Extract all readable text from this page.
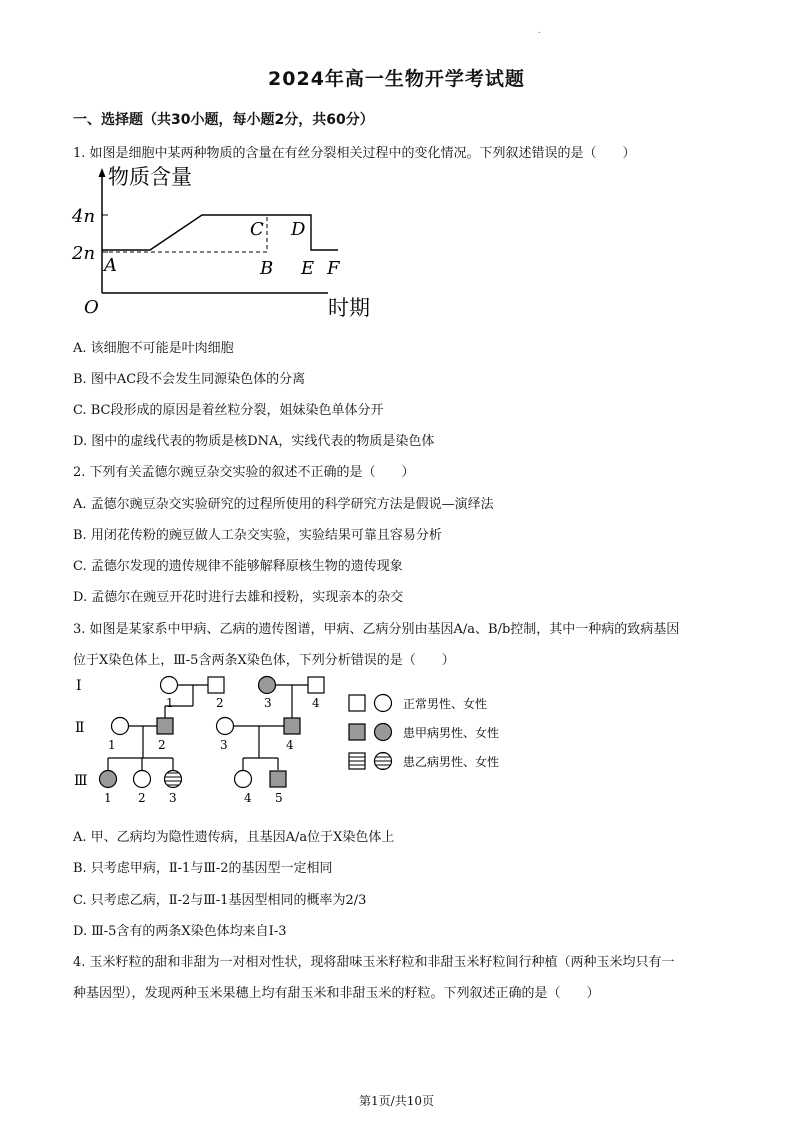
.
2024年高一生物开学考试题
一、选择题（共30小题，每小题2分，共60分）
1. 如图是细胞中某两种物质的含量在有丝分裂相关过程中的变化情况。下列叙述错误的是（　　）
物质含量
时期
O
4n
2n
A	B
C D
E F
A. 该细胞不可能是叶肉细胞
B. 图中AC段不会发生同源染色体的分离
C. BC段形成的原因是着丝粒分裂，姐妹染色单体分开
D. 图中的虚线代表的物质是核DNA，实线代表的物质是染色体
2. 下列有关孟德尔豌豆杂交实验的叙述不正确的是（　　）
A. 孟德尔豌豆杂交实验研究的过程所使用的科学研究方法是假说—演绎法
B. 用闭花传粉的豌豆做人工杂交实验，实验结果可靠且容易分析
C. 孟德尔发现的遗传规律不能够解释原核生物的遗传现象
D. 孟德尔在豌豆开花时进行去雄和授粉，实现亲本的杂交
3. 如图是某家系中甲病、乙病的遗传图谱，甲病、乙病分别由基因A/a、B/b控制，其中一种病的致病基因
位于X染色体上，Ⅲ-5含两条X染色体，下列分析错误的是（　　）
Ⅰ
Ⅱ
Ⅲ
1	2	3	4
1	2	3	4
1 2 3	4 5
正常男性、女性
患甲病男性、女性
患乙病男性、女性
A. 甲、乙病均为隐性遗传病，且基因A/a位于X染色体上
B. 只考虑甲病，Ⅱ-1与Ⅲ-2的基因型一定相同
C. 只考虑乙病，Ⅱ-2与Ⅲ-1基因型相同的概率为2/3
D. Ⅲ-5含有的两条X染色体均来自I-3
4. 玉米籽粒的甜和非甜为一对相对性状，现将甜味玉米籽粒和非甜玉米籽粒间行种植（两种玉米均只有一
种基因型），发现两种玉米果穗上均有甜玉米和非甜玉米的籽粒。下列叙述正确的是（　　）
第1页/共10页
